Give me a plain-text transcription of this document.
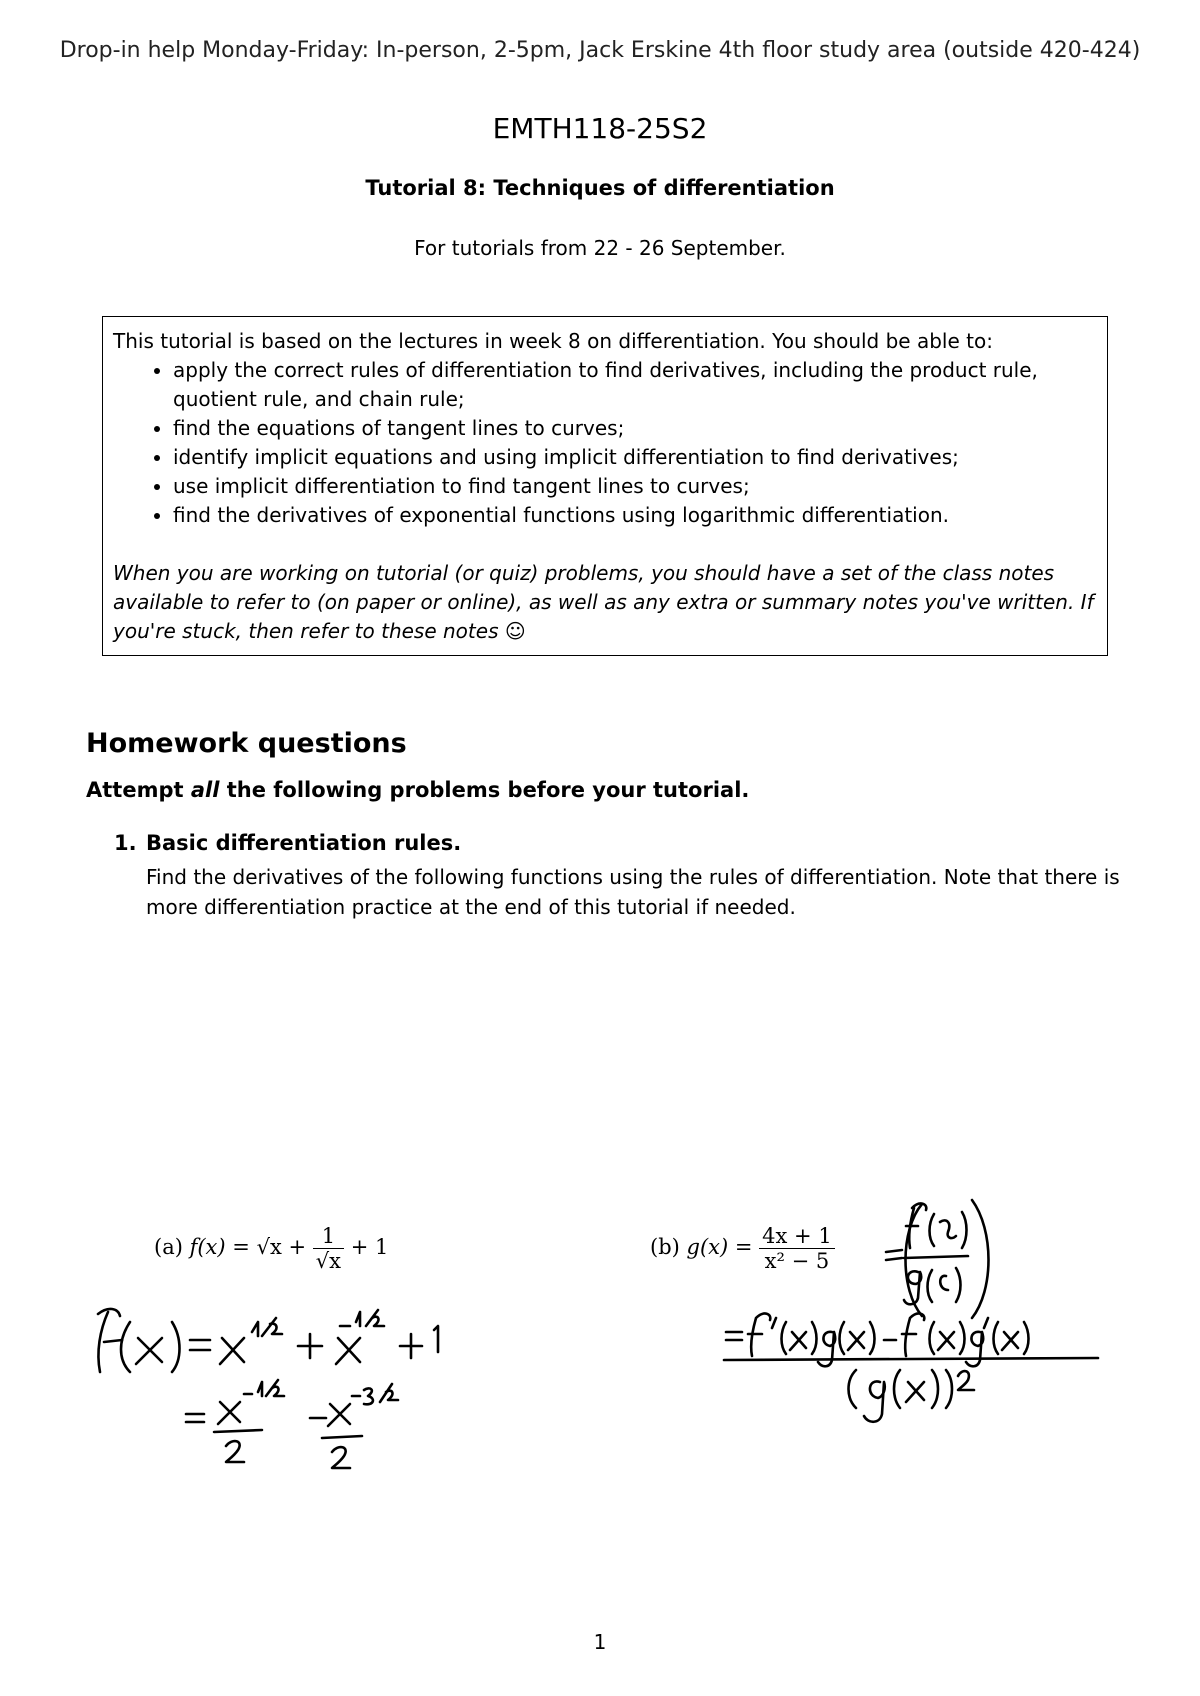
Drop-in help Monday-Friday: In-person, 2-5pm, Jack Erskine 4th floor study area (outside 420-424)
EMTH118-25S2
Tutorial 8: Techniques of differentiation
For tutorials from 22 - 26 September.
This tutorial is based on the lectures in week 8 on differentiation. You should be able to:
• apply the correct rules of differentiation to find derivatives, including the product rule, quotient rule, and chain rule;
• find the equations of tangent lines to curves;
• identify implicit equations and using implicit differentiation to find derivatives;
• use implicit differentiation to find tangent lines to curves;
• find the derivatives of exponential functions using logarithmic differentiation.
When you are working on tutorial (or quiz) problems, you should have a set of the class notes available to refer to (on paper or online), as well as any extra or summary notes you've written. If you're stuck, then refer to these notes ☺
Homework questions
Attempt all the following problems before your tutorial.
1. Basic differentiation rules.
Find the derivatives of the following functions using the rules of differentiation. Note that there is more differentiation practice at the end of this tutorial if needed.
(a) $f(x) = √x + \frac{1}{√x} + 1$	(b) $g(x) = \frac{4x + 1}{\text{x² − 5}}$
1
